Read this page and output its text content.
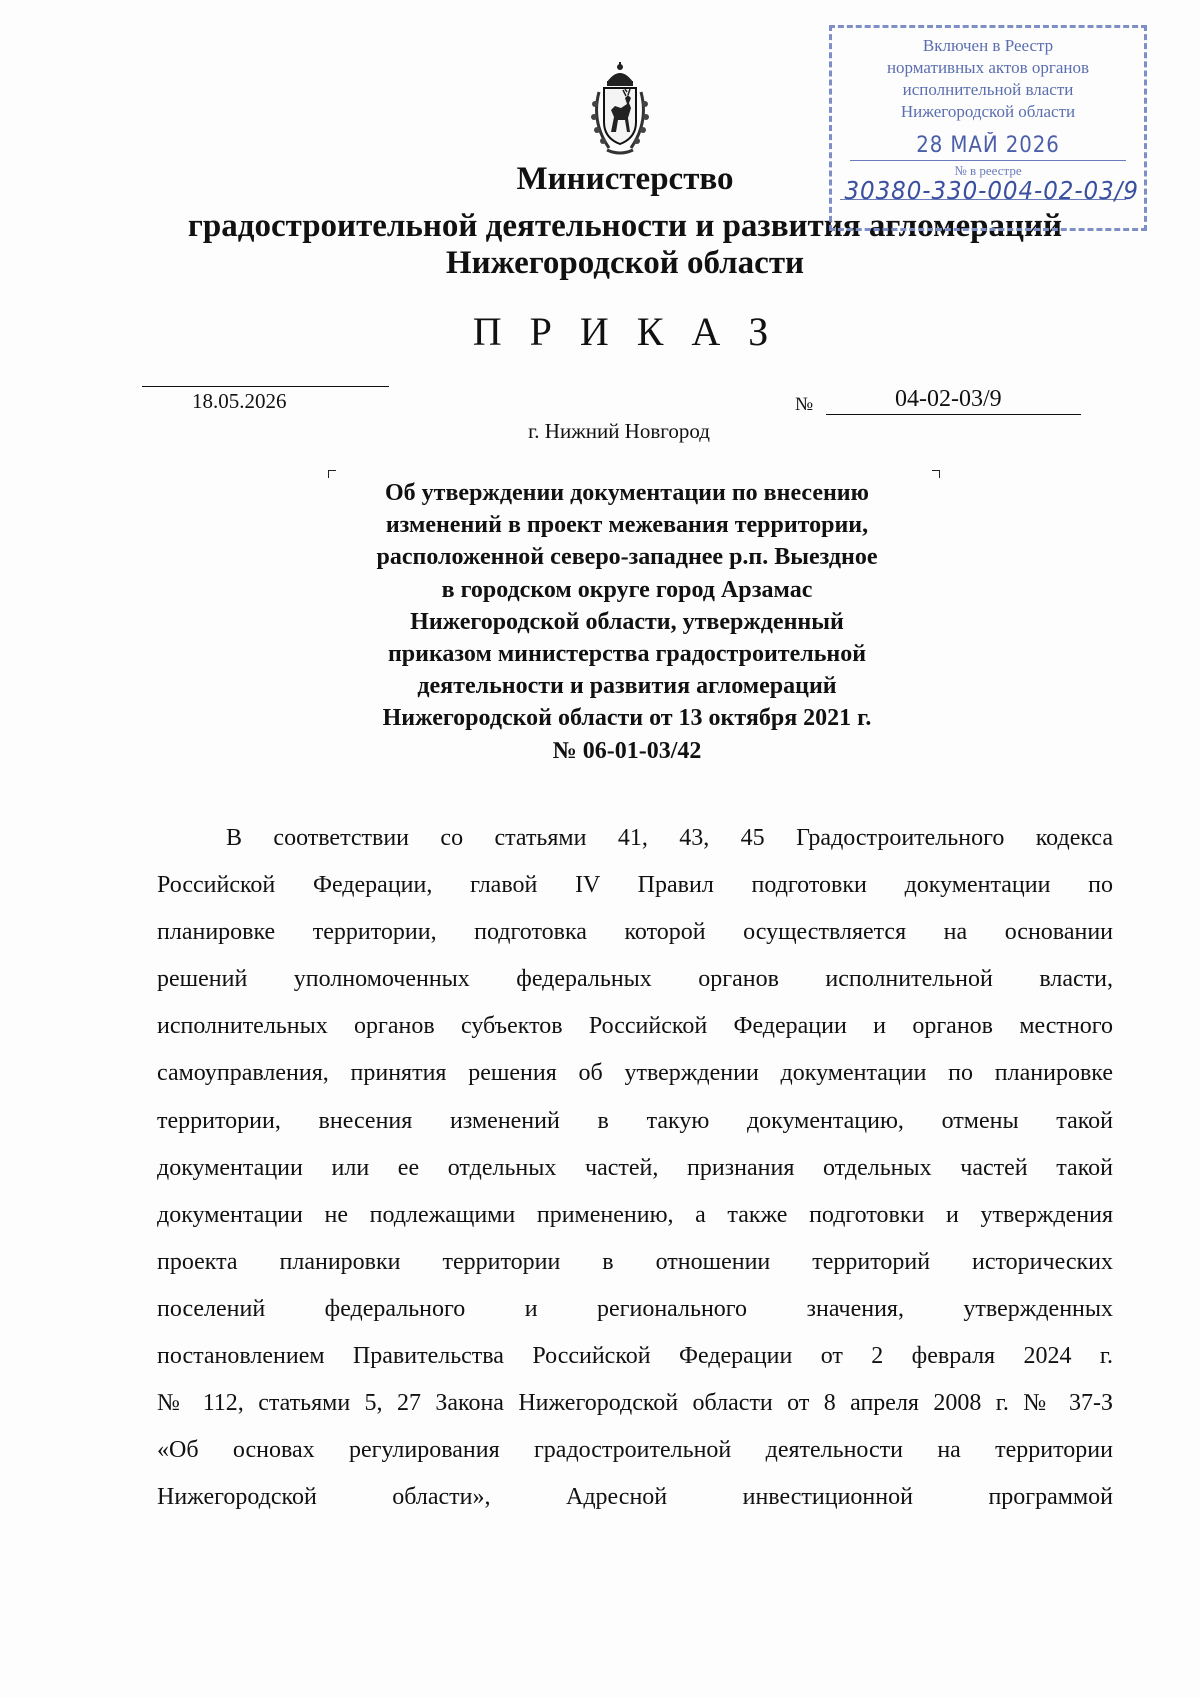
Министерство
градостроительной деятельности и развития агломераций
Нижегородской области
П Р И К А З
18.05.2026	№	04-02-03/9
г. Нижний Новгород
Об утверждении документации по внесению
изменений в проект межевания территории,
расположенной северо-западнее р.п. Выездное
в городском округе город Арзамас
Нижегородской области, утвержденный
приказом министерства градостроительной
деятельности и развития агломераций
Нижегородской области от 13 октября 2021 г.
№ 06-01-03/42
В соответствии со статьями 41, 43, 45 Градостроительного кодекса
Российской Федерации, главой IV Правил подготовки документации по
планировке территории, подготовка которой осуществляется на основании
решений уполномоченных федеральных органов исполнительной власти,
исполнительных органов субъектов Российской Федерации и органов местного
самоуправления, принятия решения об утверждении документации по планировке
территории, внесения изменений в такую документацию, отмены такой
документации или ее отдельных частей, признания отдельных частей такой
документации не подлежащими применению, а также подготовки и утверждения
проекта планировки территории в отношении территорий исторических
поселений федерального и регионального значения, утвержденных
постановлением Правительства Российской Федерации от 2 февраля 2024 г.
№ 112, статьями 5, 27 Закона Нижегородской области от 8 апреля 2008 г. № 37-З
«Об основах регулирования градостроительной деятельности на территории
Нижегородской области», Адресной инвестиционной программой
Включен в Реестр
нормативных актов органов
исполнительной власти
Нижегородской области
28 МАЙ 2026
№ в реестре
30380-330-004-02-03/9
